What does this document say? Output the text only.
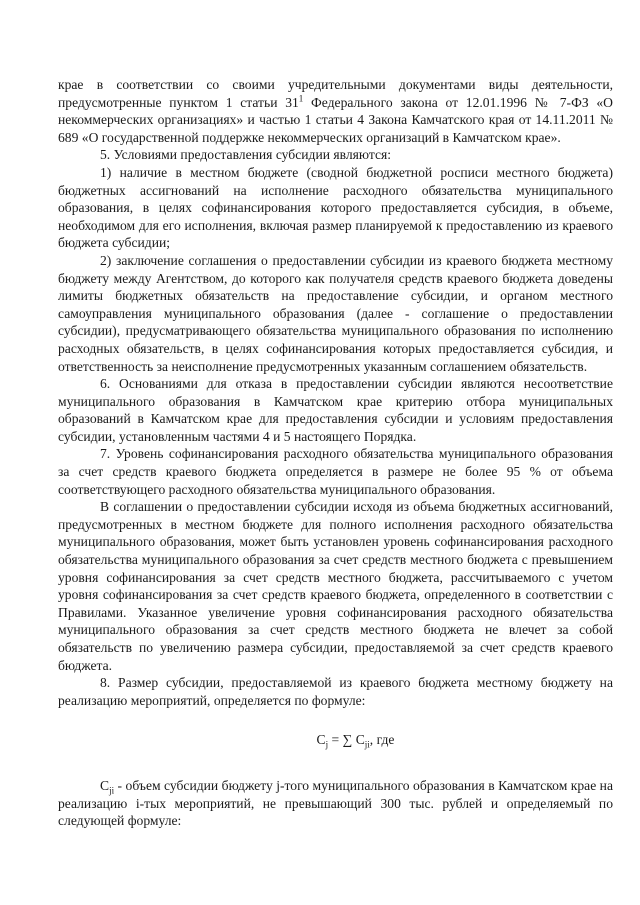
крае в соответствии со своими учредительными документами виды деятельности, предусмотренные пунктом 1 статьи $31^1$ Федерального закона от 12.01.1996 № 7-ФЗ «О некоммерческих организациях» и частью 1 статьи 4 Закона Камчатского края от 14.11.2011 № 689 «О государственной поддержке некоммерческих организаций в Камчатском крае».

5. Условиями предоставления субсидии являются:

1) наличие в местном бюджете (сводной бюджетной росписи местного бюджета) бюджетных ассигнований на исполнение расходного обязательства муниципального образования, в целях софинансирования которого предоставляется субсидия, в объеме, необходимом для его исполнения, включая размер планируемой к предоставлению из краевого бюджета субсидии;

2) заключение соглашения о предоставлении субсидии из краевого бюджета местному бюджету между Агентством, до которого как получателя средств краевого бюджета доведены лимиты бюджетных обязательств на предоставление субсидии, и органом местного самоуправления муниципального образования (далее - соглашение о предоставлении субсидии), предусматривающего обязательства муниципального образования по исполнению расходных обязательств, в целях софинансирования которых предоставляется субсидия, и ответственность за неисполнение предусмотренных указанным соглашением обязательств.

6. Основаниями для отказа в предоставлении субсидии являются несоответствие муниципального образования в Камчатском крае критерию отбора муниципальных образований в Камчатском крае для предоставления субсидии и условиям предоставления субсидии, установленным частями 4 и 5 настоящего Порядка.

7. Уровень софинансирования расходного обязательства муниципального образования за счет средств краевого бюджета определяется в размере не более 95 % от объема соответствующего расходного обязательства муниципального образования.

В соглашении о предоставлении субсидии исходя из объема бюджетных ассигнований, предусмотренных в местном бюджете для полного исполнения расходного обязательства муниципального образования, может быть установлен уровень софинансирования расходного обязательства муниципального образования за счет средств местного бюджета с превышением уровня софинансирования за счет средств местного бюджета, рассчитываемого с учетом уровня софинансирования за счет средств краевого бюджета, определенного в соответствии с Правилами. Указанное увеличение уровня софинансирования расходного обязательства муниципального образования за счет средств местного бюджета не влечет за собой обязательств по увеличению размера субсидии, предоставляемой за счет средств краевого бюджета.

8. Размер субсидии, предоставляемой из краевого бюджета местному бюджету на реализацию мероприятий, определяется по формуле:

$C_j$ = ∑ $C_{ji}$, где

$C_{ji}$ - объем субсидии бюджету j-того муниципального образования в Камчатском крае на реализацию i-тых мероприятий, не превышающий 300 тыс. рублей и определяемый по следующей формуле:
